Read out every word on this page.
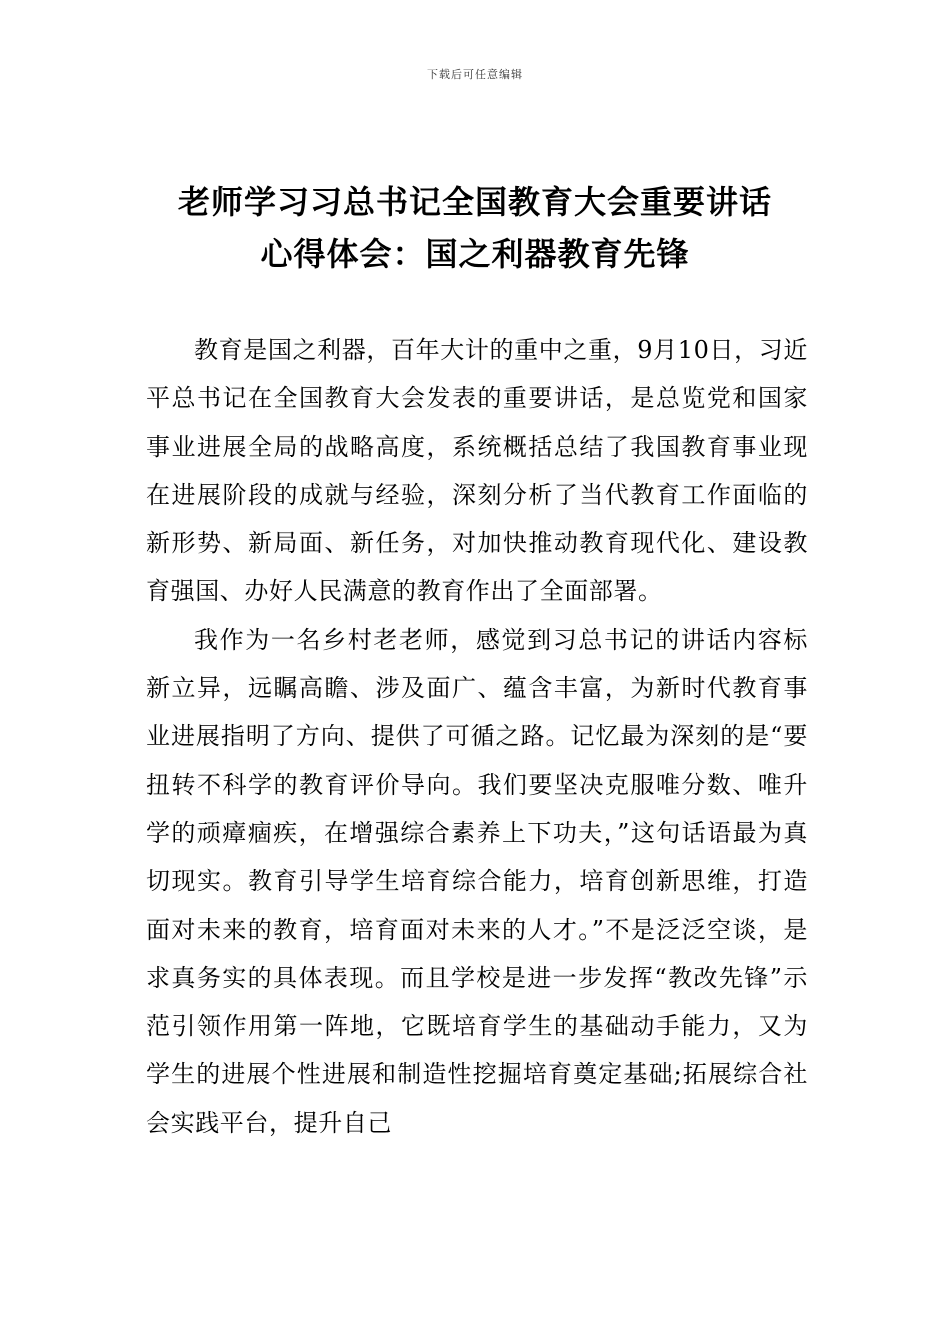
下载后可任意编辑
老师学习习总书记全国教育大会重要讲话
心得体会：国之利器教育先锋

教育是国之利器，百年大计的重中之重，9月10日，习近平总书记在全国教育大会发表的重要讲话，是总览党和国家事业进展全局的战略高度，系统概括总结了我国教育事业现在进展阶段的成就与经验，深刻分析了当代教育工作面临的新形势、新局面、新任务，对加快推动教育现代化、建设教育强国、办好人民满意的教育作出了全面部署。

我作为一名乡村老老师，感觉到习总书记的讲话内容标新立异，远瞩高瞻、涉及面广、蕴含丰富，为新时代教育事业进展指明了方向、提供了可循之路。记忆最为深刻的是“要扭转不科学的教育评价导向。我们要坚决克服唯分数、唯升学的顽瘴痼疾，在增强综合素养上下功夫，”这句话语最为真切现实。教育引导学生培育综合能力，培育创新思维，打造面对未来的教育，培育面对未来的人才。”不是泛泛空谈，是求真务实的具体表现。而且学校是进一步发挥“教改先锋”示范引领作用第一阵地，它既培育学生的基础动手能力，又为学生的进展个性进展和制造性挖掘培育奠定基础;拓展综合社会实践平台，提升自己
